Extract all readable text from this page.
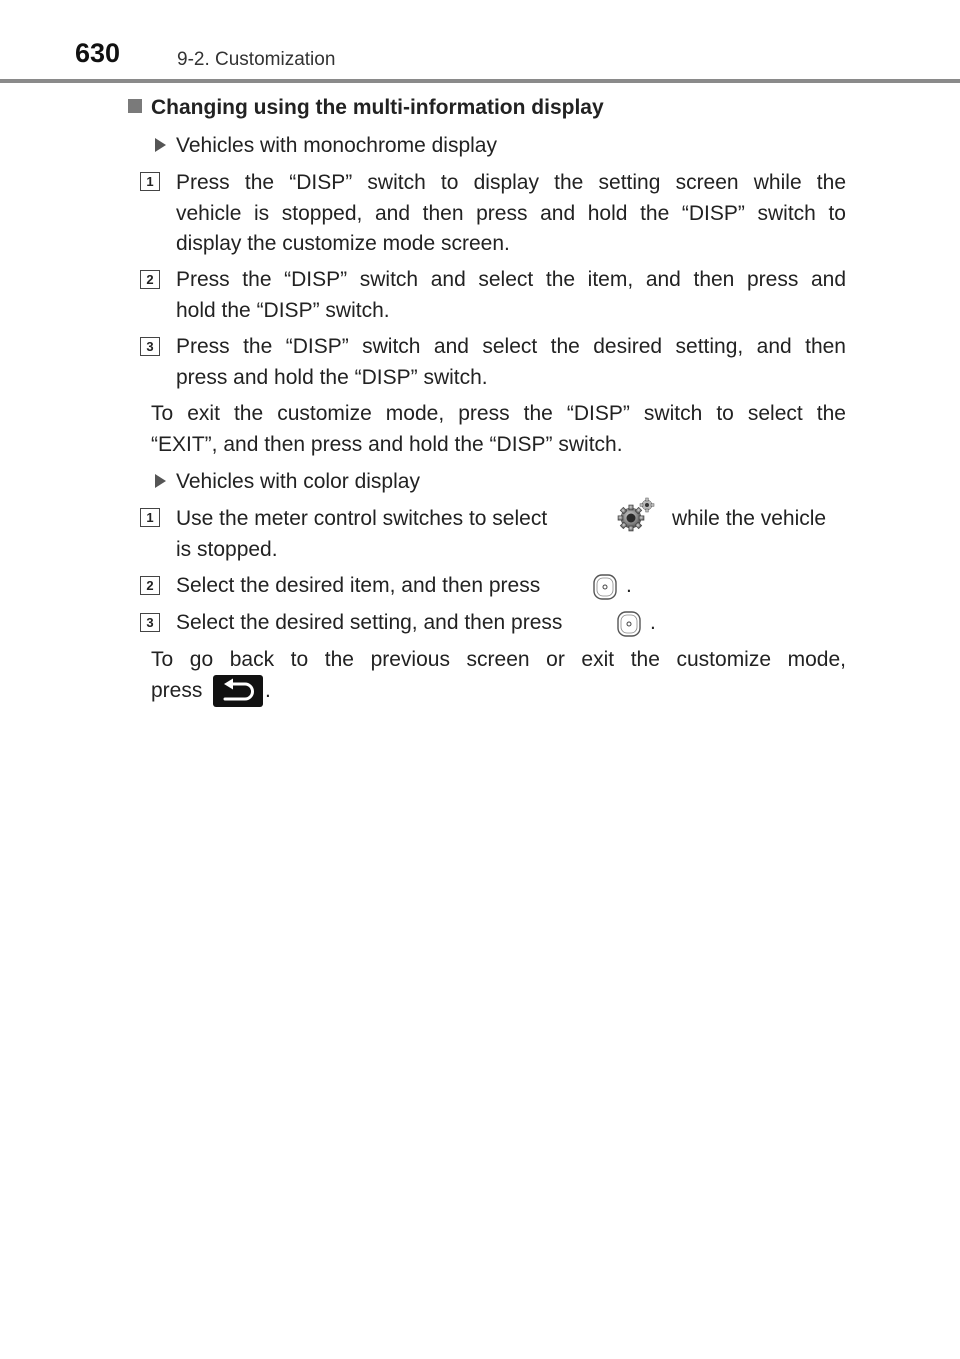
630	9-2. Customization
Changing using the multi-information display
Vehicles with monochrome display
1	Press the “DISP” switch to display the setting screen while the
vehicle is stopped, and then press and hold the “DISP” switch to
display the customize mode screen.
2	Press the “DISP” switch and select the item, and then press and
hold the “DISP” switch.
3	Press the “DISP” switch and select the desired setting, and then
press and hold the “DISP” switch.
To exit the customize mode, press the “DISP” switch to select the
“EXIT”, and then press and hold the “DISP” switch.
Vehicles with color display
1	Use the meter control switches to select	while the vehicle
is stopped.
2	Select the desired item, and then press	.
3	Select the desired setting, and then press	.
To go back to the previous screen or exit the customize mode,
press	.
